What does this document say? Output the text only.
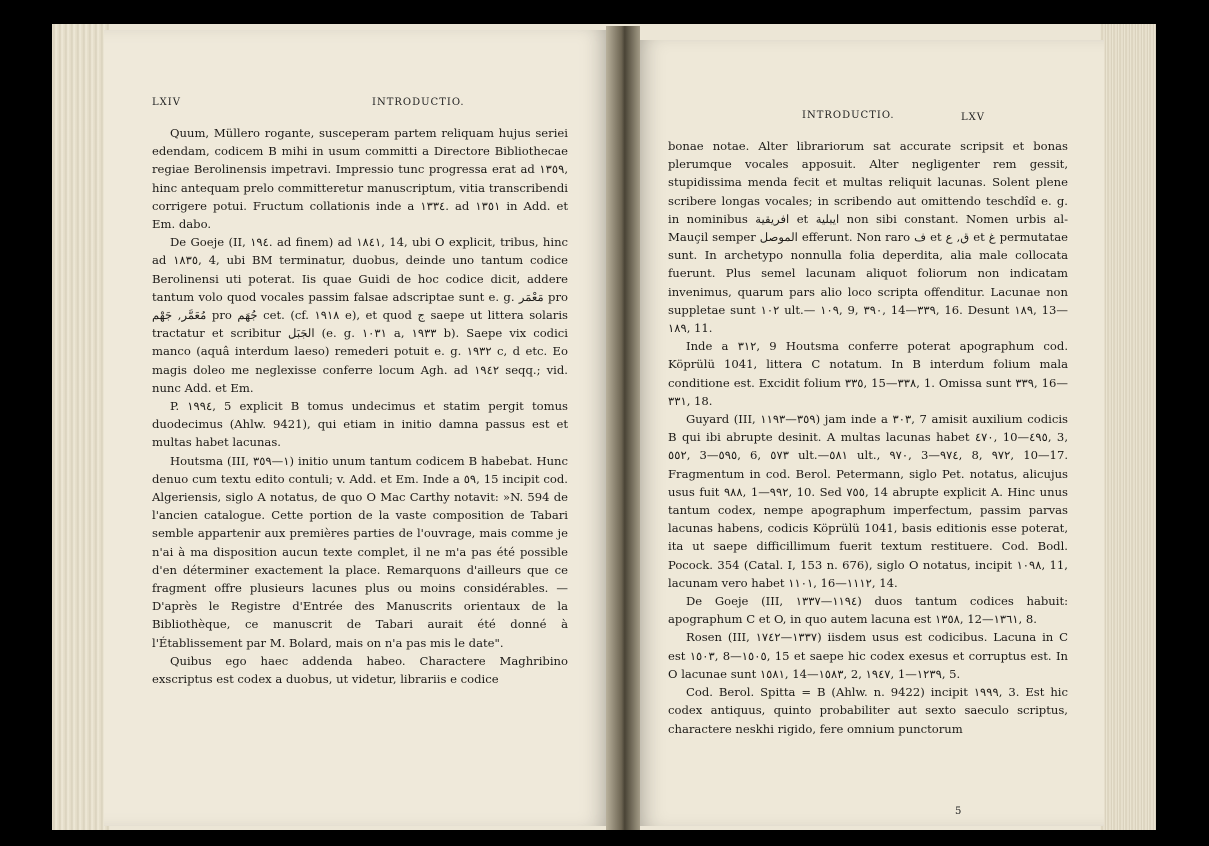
LXIV	INTRODUCTIO.

Quum, Müllero rogante, susceperam partem reliquam hujus seriei edendam, codicem B mihi in usum committi a Directore Bibliothecae regiae Berolinensis impetravi. Impressio tunc progressa erat ad ١٣٥٩, hinc antequam prelo committeretur manuscriptum, vitia transcribendi corrigere potui. Fructum collationis inde a ١٣٣٤. ad ١٣٥١ in Add. et Em. dabo.

De Goeje (II, ١٩٤. ad finem) ad ١٨٤١, 14, ubi O explicit, tribus, hinc ad ١٨٣٥, 4, ubi BM terminatur, duobus, deinde uno tantum codice Berolinensi uti poterat. Iis quae Guidi de hoc codice dicit, addere tantum volo quod vocales passim falsae adscriptae sunt e. g. مَعْمَر pro مُعَمَّر, جَهْم pro جُهَم cet. (cf. ١٩١٨ e), et quod ج saepe ut littera solaris tractatur et scribitur الجَبَل (e. g. ١٠٣١ a, ١٩٣٣ b). Saepe vix codici manco (aquâ interdum laeso) remederi potuit e. g. ١٩٣٢ c, d etc. Eo magis doleo me neglexisse conferre locum Agh. ad ١٩٤٢ seqq.; vid. nunc Add. et Em.

P. ١٩٩٤, 5 explicit B tomus undecimus et statim pergit tomus duodecimus (Ahlw. 9421), qui etiam in initio damna passus est et multas habet lacunas.

Houtsma (III, ١—٣٥٩) initio unum tantum codicem B habebat. Hunc denuo cum textu edito contuli; v. Add. et Em. Inde a ٥٩, 15 incipit cod. Algeriensis, siglo A notatus, de quo O Mac Carthy notavit: »N. 594 de l'ancien catalogue. Cette portion de la vaste composition de Tabari semble appartenir aux premières parties de l'ouvrage, mais comme je n'ai à ma disposition aucun texte complet, il ne m'a pas été possible d'en déterminer exactement la place. Remarquons d'ailleurs que ce fragment offre plusieurs lacunes plus ou moins considérables. — D'après le Registre d'Entrée des Manuscrits orientaux de la Bibliothèque, ce manuscrit de Tabari aurait été donné à l'Établissement par M. Bolard, mais on n'a pas mis le date".

Quibus ego haec addenda habeo. Charactere Maghribino exscriptus est codex a duobus, ut videtur, librariis e codice

INTRODUCTIO.	LXV

bonae notae. Alter librariorum sat accurate scripsit et bonas plerumque vocales apposuit. Alter negligenter rem gessit, stupidissima menda fecit et multas reliquit lacunas. Solent plene scribere longas vocales; in scribendo aut omittendo teschdîd e. g. in nominibus افريقية et ايبلية non sibi constant. Nomen urbis al-Mauçil semper الموصل efferunt. Non raro ف et ق, ع et غ permutatae sunt. In archetypo nonnulla folia deperdita, alia male collocata fuerunt. Plus semel lacunam aliquot foliorum non indicatam invenimus, quarum pars alio loco scripta offenditur. Lacunae non suppletae sunt ١٠٢ ult.— ١٠٩, 9, ٣٩٠, 14—٣٣٩, 16. Desunt ١٨٩, 13—١٨٩, 11.

Inde a ٣١٢, 9 Houtsma conferre poterat apographum cod. Köprülü 1041, littera C notatum. In B interdum folium mala conditione est. Excidit folium ٣٣٥, 15—٣٣٨, 1. Omissa sunt ٣٣٩, 16—٣٣١, 18.

Guyard (III, ٣٥٩—١١٩٣) jam inde a ٣٠٣, 7 amisit auxilium codicis B qui ibi abrupte desinit. A multas lacunas habet ٤٧٠, 10—٤٩٥, 3, ٥٥٢, 3—٥٩٥, 6, ٥٧٣ ult.—٥٨١ ult., ٩٧٠, 3—٩٧٤, 8, ٩٧٢, 10—17. Fragmentum in cod. Berol. Petermann, siglo Pet. notatus, alicujus usus fuit ٩٨٨, 1—٩٩٢, 10. Sed ٧٥٥, 14 abrupte explicit A. Hinc unus tantum codex, nempe apographum imperfectum, passim parvas lacunas habens, codicis Köprülü 1041, basis editionis esse poterat, ita ut saepe difficillimum fuerit textum restituere. Cod. Bodl. Pocock. 354 (Catal. I, 153 n. 676), siglo O notatus, incipit ١٠٩٨, 11, lacunam vero habet ١١٠١, 16—١١١٢, 14.

De Goeje (III, ١١٩٤—١٣٣٧) duos tantum codices habuit: apographum C et O, in quo autem lacuna est ١٣٥٨, 12—١٣٦١, 8.

Rosen (III, ١٣٣٧—١٧٤٢) iisdem usus est codicibus. Lacuna in C est ١٥٠٣, 8—١٥٠٥, 15 et saepe hic codex exesus et corruptus est. In O lacunae sunt ١٥٨١, 14—١٥٨٣, 2, ١٩٤٧, 1—١٢٣٩, 5.

Cod. Berol. Spitta = B (Ahlw. n. 9422) incipit ١٩٩٩, 3. Est hic codex antiquus, quinto probabiliter aut sexto saeculo scriptus, charactere neskhi rigido, fere omnium punctorum

5
